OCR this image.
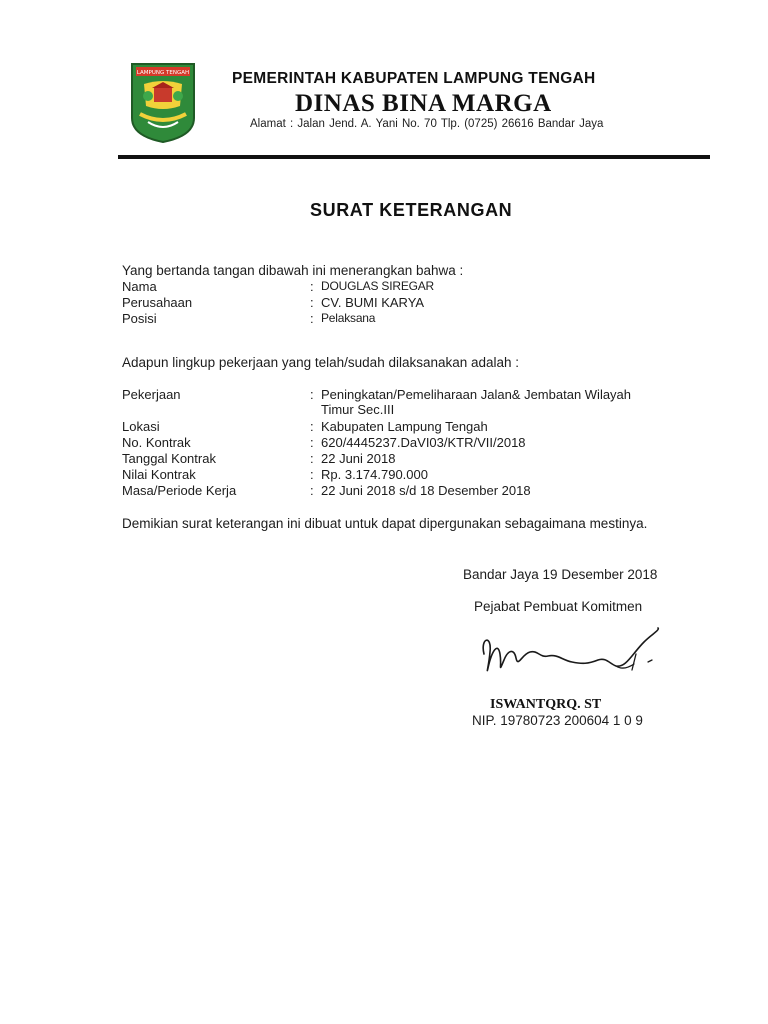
LAMPUNG TENGAH	PEMERINTAH KABUPATEN LAMPUNG TENGAH
DINAS BINA MARGA
Alamat : Jalan Jend. A. Yani No. 70 Tlp. (0725) 26616 Bandar Jaya
SURAT KETERANGAN
Yang bertanda tangan dibawah ini menerangkan bahwa :
Nama	: DOUGLAS SIREGAR
Perusahaan	: CV. BUMI KARYA
Posisi	: Pelaksana
Adapun lingkup pekerjaan yang telah/sudah dilaksanakan adalah :
Pekerjaan	: Peningkatan/Pemeliharaan Jalan& Jembatan Wilayah
Timur Sec.III
Lokasi	: Kabupaten Lampung Tengah
No. Kontrak	: 620/4445237.DaVI03/KTR/VII/2018
Tanggal Kontrak	: 22 Juni 2018
Nilai Kontrak	: Rp. 3.174.790.000
Masa/Periode Kerja	: 22 Juni 2018 s/d 18 Desember 2018
Demikian surat keterangan ini dibuat untuk dapat dipergunakan sebagaimana mestinya.
Bandar Jaya 19 Desember 2018
Pejabat Pembuat Komitmen
ISWANTQRQ. ST
NIP. 19780723 200604 1 0 9
